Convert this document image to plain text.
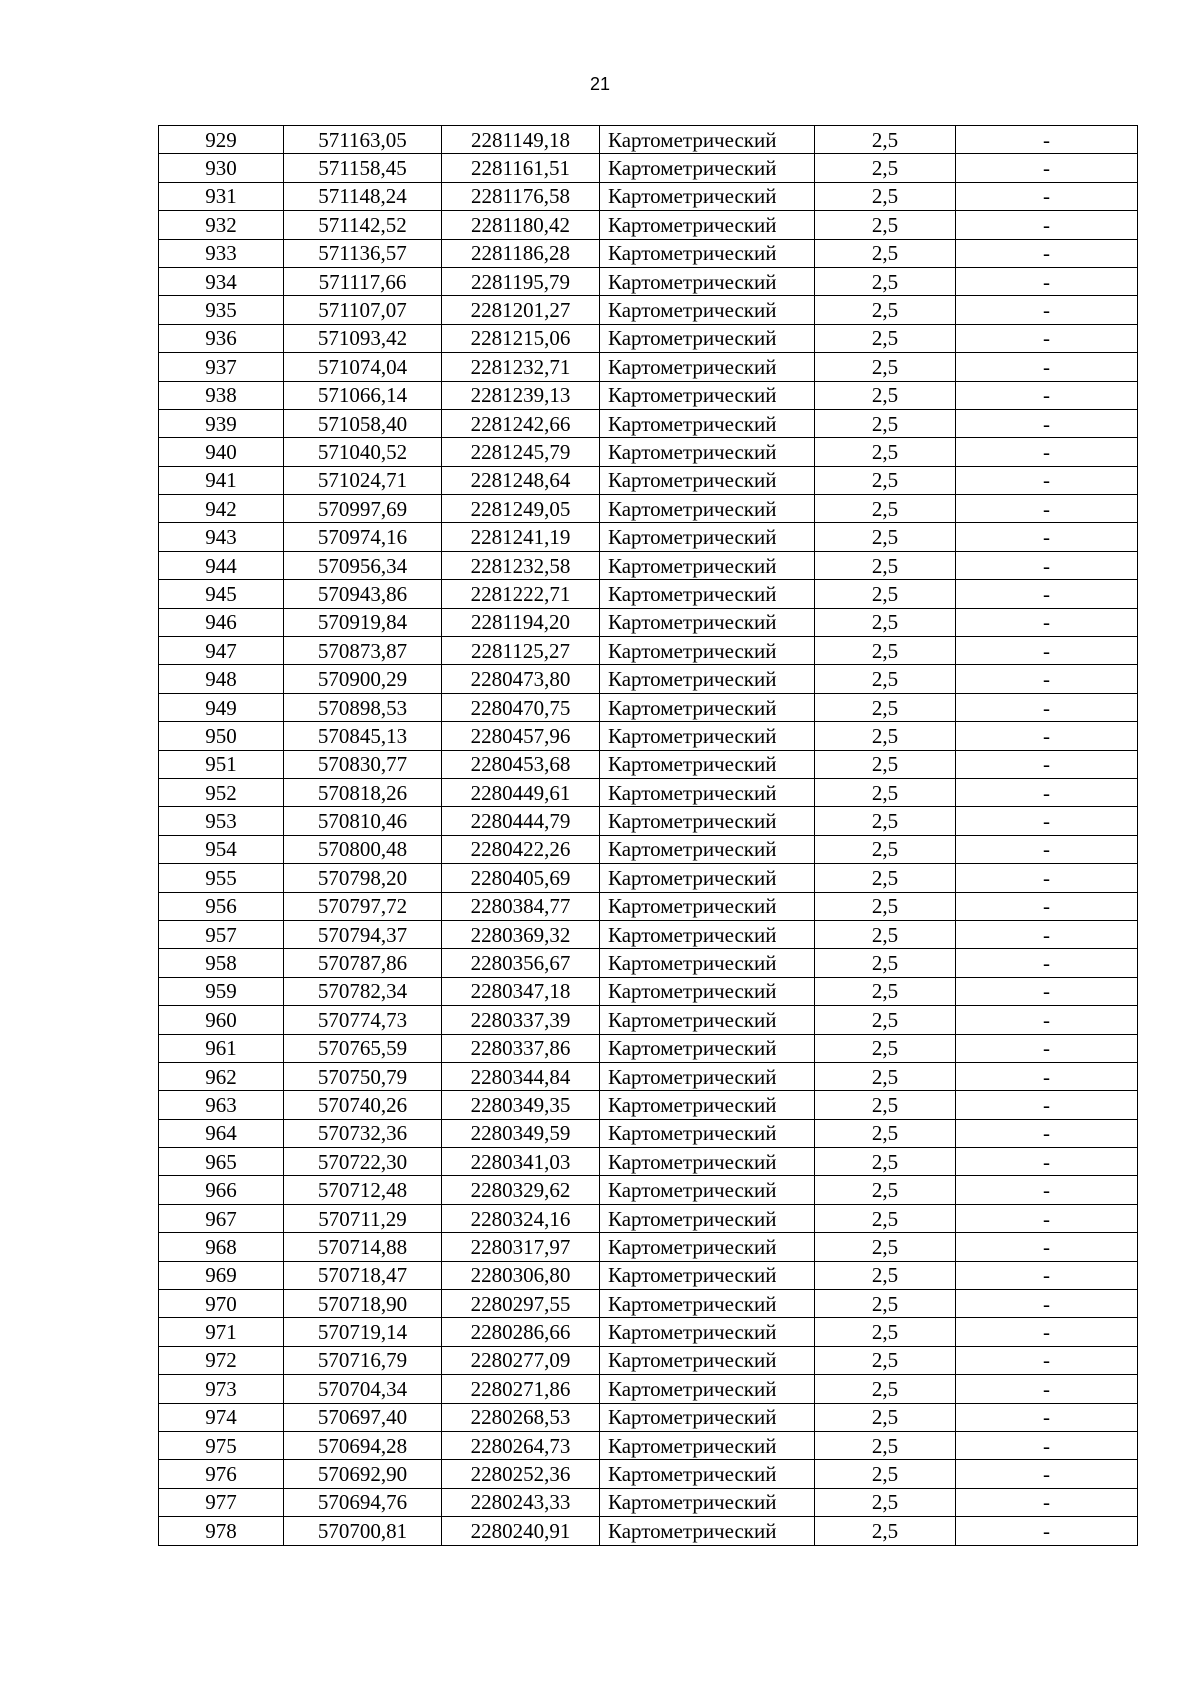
21
929	571163,05	2281149,18	Картометрический	2,5	-
930	571158,45	2281161,51	Картометрический	2,5	-
931	571148,24	2281176,58	Картометрический	2,5	-
932	571142,52	2281180,42	Картометрический	2,5	-
933	571136,57	2281186,28	Картометрический	2,5	-
934	571117,66	2281195,79	Картометрический	2,5	-
935	571107,07	2281201,27	Картометрический	2,5	-
936	571093,42	2281215,06	Картометрический	2,5	-
937	571074,04	2281232,71	Картометрический	2,5	-
938	571066,14	2281239,13	Картометрический	2,5	-
939	571058,40	2281242,66	Картометрический	2,5	-
940	571040,52	2281245,79	Картометрический	2,5	-
941	571024,71	2281248,64	Картометрический	2,5	-
942	570997,69	2281249,05	Картометрический	2,5	-
943	570974,16	2281241,19	Картометрический	2,5	-
944	570956,34	2281232,58	Картометрический	2,5	-
945	570943,86	2281222,71	Картометрический	2,5	-
946	570919,84	2281194,20	Картометрический	2,5	-
947	570873,87	2281125,27	Картометрический	2,5	-
948	570900,29	2280473,80	Картометрический	2,5	-
949	570898,53	2280470,75	Картометрический	2,5	-
950	570845,13	2280457,96	Картометрический	2,5	-
951	570830,77	2280453,68	Картометрический	2,5	-
952	570818,26	2280449,61	Картометрический	2,5	-
953	570810,46	2280444,79	Картометрический	2,5	-
954	570800,48	2280422,26	Картометрический	2,5	-
955	570798,20	2280405,69	Картометрический	2,5	-
956	570797,72	2280384,77	Картометрический	2,5	-
957	570794,37	2280369,32	Картометрический	2,5	-
958	570787,86	2280356,67	Картометрический	2,5	-
959	570782,34	2280347,18	Картометрический	2,5	-
960	570774,73	2280337,39	Картометрический	2,5	-
961	570765,59	2280337,86	Картометрический	2,5	-
962	570750,79	2280344,84	Картометрический	2,5	-
963	570740,26	2280349,35	Картометрический	2,5	-
964	570732,36	2280349,59	Картометрический	2,5	-
965	570722,30	2280341,03	Картометрический	2,5	-
966	570712,48	2280329,62	Картометрический	2,5	-
967	570711,29	2280324,16	Картометрический	2,5	-
968	570714,88	2280317,97	Картометрический	2,5	-
969	570718,47	2280306,80	Картометрический	2,5	-
970	570718,90	2280297,55	Картометрический	2,5	-
971	570719,14	2280286,66	Картометрический	2,5	-
972	570716,79	2280277,09	Картометрический	2,5	-
973	570704,34	2280271,86	Картометрический	2,5	-
974	570697,40	2280268,53	Картометрический	2,5	-
975	570694,28	2280264,73	Картометрический	2,5	-
976	570692,90	2280252,36	Картометрический	2,5	-
977	570694,76	2280243,33	Картометрический	2,5	-
978	570700,81	2280240,91	Картометрический	2,5	-
